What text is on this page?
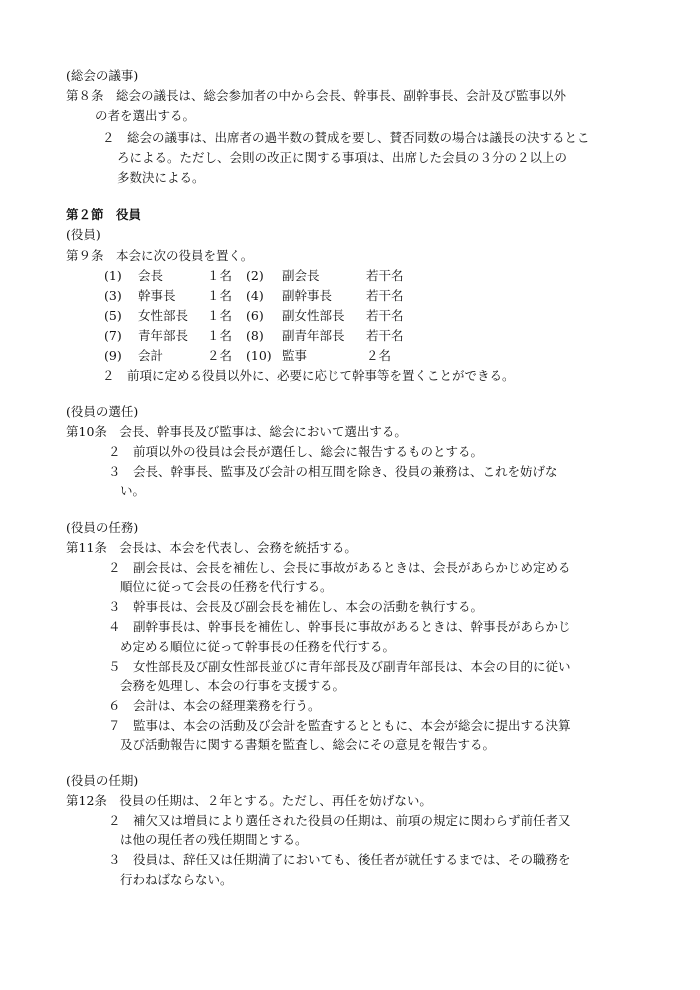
(総会の議事)
第８条　総会の議長は、総会参加者の中から会長、幹事長、副幹事長、会計及び監事以外
の者を選出する。
２　総会の議事は、出席者の過半数の賛成を要し、賛否同数の場合は議長の決するとこ
ろによる。ただし、会則の改正に関する事項は、出席した会員の３分の２以上の
多数決による。
第２節　役員
(役員)
第９条　本会に次の役員を置く。
(1) 会長	１名 (2) 副会長	若干名
(3) 幹事長	１名 (4) 副幹事長	若干名
(5) 女性部長 １名 (6) 副女性部長 若干名
(7) 青年部長 １名 (8) 副青年部長 若干名
(9) 会計	２名 (10) 監事	２名
２　前項に定める役員以外に、必要に応じて幹事等を置くことができる。
(役員の選任)
第10条　会長、幹事長及び監事は、総会において選出する。
２　前項以外の役員は会長が選任し、総会に報告するものとする。
３　会長、幹事長、監事及び会計の相互間を除き、役員の兼務は、これを妨げな
い。
(役員の任務)
第11条　会長は、本会を代表し、会務を統括する。
２　副会長は、会長を補佐し、会長に事故があるときは、会長があらかじめ定める
順位に従って会長の任務を代行する。
３　幹事長は、会長及び副会長を補佐し、本会の活動を執行する。
４　副幹事長は、幹事長を補佐し、幹事長に事故があるときは、幹事長があらかじ
め定める順位に従って幹事長の任務を代行する。
５　女性部長及び副女性部長並びに青年部長及び副青年部長は、本会の目的に従い
会務を処理し、本会の行事を支援する。
６　会計は、本会の経理業務を行う。
７　監事は、本会の活動及び会計を監査するとともに、本会が総会に提出する決算
及び活動報告に関する書類を監査し、総会にその意見を報告する。
(役員の任期)
第12条　役員の任期は、２年とする。ただし、再任を妨げない。
２　補欠又は増員により選任された役員の任期は、前項の規定に関わらず前任者又
は他の現任者の残任期間とする。
３　役員は、辞任又は任期満了においても、後任者が就任するまでは、その職務を
行わねばならない。
